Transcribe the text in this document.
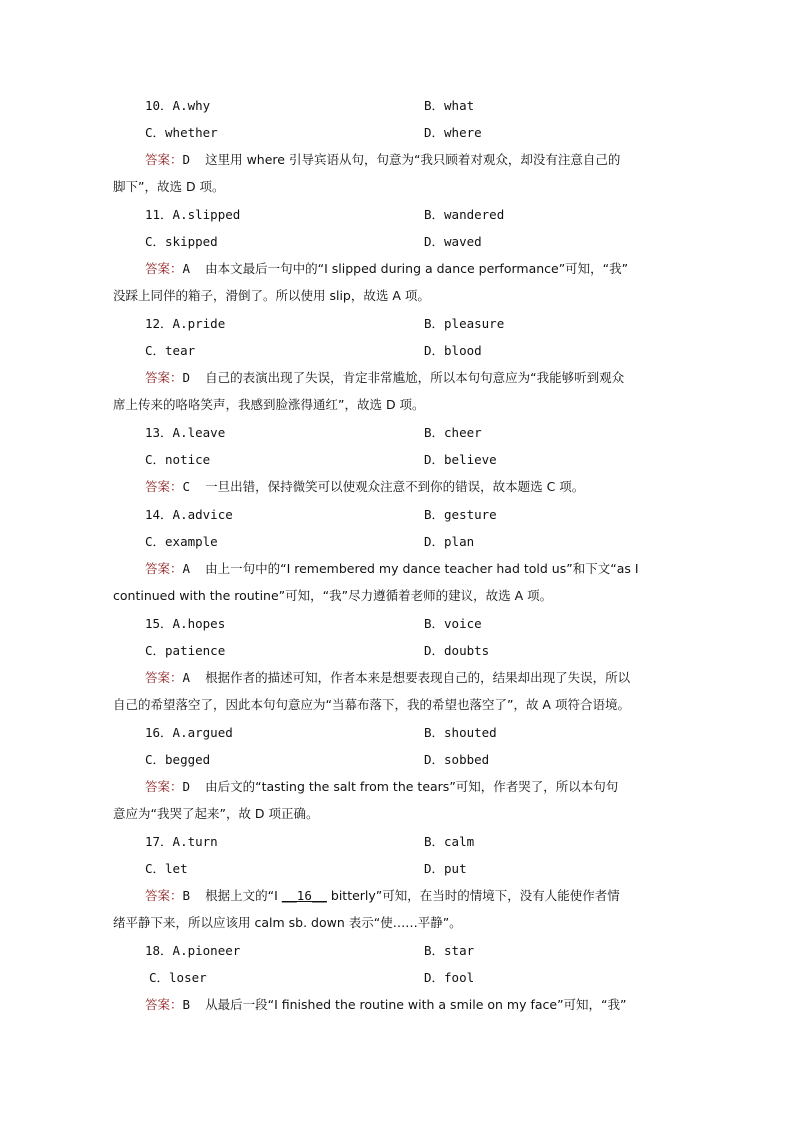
10．A.why	B．what
C．whether	D．where
答案：D 这里用 where 引导宾语从句，句意为“我只顾着对观众，却没有注意自己的
脚下”，故选 D 项。
11．A.slipped	B．wandered
C．skipped	D．waved
答案：A 由本文最后一句中的“I slipped during a dance performance”可知，“我”
没踩上同伴的箱子，滑倒了。所以使用 slip，故选 A 项。
12．A.pride	B．pleasure
C．tear	D．blood
答案：D 自己的表演出现了失误，肯定非常尴尬，所以本句句意应为“我能够听到观众
席上传来的咯咯笑声，我感到脸涨得通红”，故选 D 项。
13．A.leave	B．cheer
C．notice	D．believe
答案：C 一旦出错，保持微笑可以使观众注意不到你的错误，故本题选 C 项。
14．A.advice	B．gesture
C．example	D．plan
答案：A 由上一句中的“I remembered my dance teacher had told us”和下文“as I
continued with the routine”可知，“我”尽力遵循着老师的建议，故选 A 项。
15．A.hopes	B．voice
C．patience	D．doubts
答案：A 根据作者的描述可知，作者本来是想要表现自己的，结果却出现了失误，所以
自己的希望落空了，因此本句句意应为“当幕布落下，我的希望也落空了”，故 A 项符合语境。
16．A.argued	B．shouted
C．begged	D．sobbed
答案：D 由后文的“tasting the salt from the tears”可知，作者哭了，所以本句句
意应为“我哭了起来”，故 D 项正确。
17．A.turn	B．calm
C．let	D．put
答案：B 根据上文的“I __16__ bitterly”可知，在当时的情境下，没有人能使作者情
绪平静下来，所以应该用 calm sb. down 表示“使……平静”。
18．A.pioneer	B．star
C．loser	D．fool
答案：B 从最后一段“I finished the routine with a smile on my face”可知，“我”
